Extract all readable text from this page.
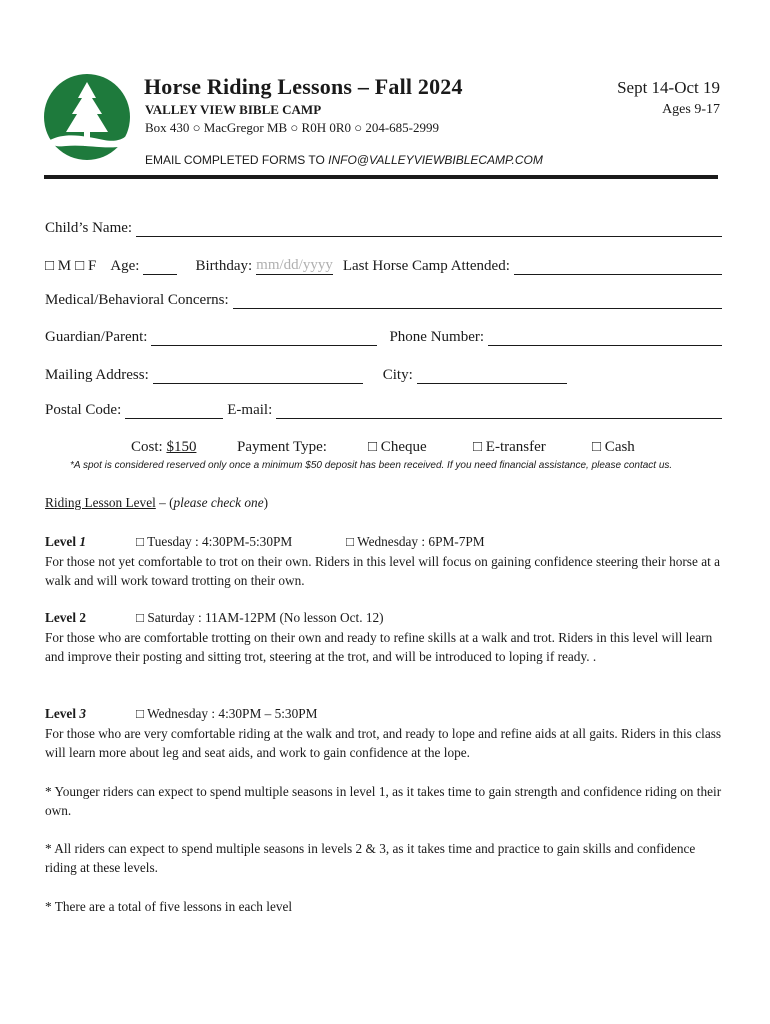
Horse Riding Lessons – Fall 2024
VALLEY VIEW BIBLE CAMP
Box 430 ○ MacGregor MB ○ R0H 0R0 ○ 204-685-2999
Sept 14-Oct 19
Ages 9-17
EMAIL COMPLETED FORMS TO INFO@VALLEYVIEWBIBLECAMP.COM
Child’s Name:
□ M □ F Age:	Birthday: mm/dd/yyyy Last Horse Camp Attended:
Medical/Behavioral Concerns:
Guardian/Parent:	Phone Number:
Mailing Address:	City:
Postal Code:	E-mail:
Cost: $150	Payment Type:	□ Cheque	□ E-transfer	□ Cash
*A spot is considered reserved only once a minimum $50 deposit has been received. If you need financial assistance, please contact us.
Riding Lesson Level – (please check one)
Level 1	□ Tuesday : 4:30PM-5:30PM	□ Wednesday : 6PM-7PM
For those not yet comfortable to trot on their own. Riders in this level will focus on gaining confidence steering their horse at a walk and will work toward trotting on their own.
Level 2	□ Saturday : 11AM-12PM (No lesson Oct. 12)
For those who are comfortable trotting on their own and ready to refine skills at a walk and trot. Riders in this level will learn and improve their posting and sitting trot, steering at the trot, and will be introduced to loping if ready. .
Level 3	□ Wednesday : 4:30PM – 5:30PM
For those who are very comfortable riding at the walk and trot, and ready to lope and refine aids at all gaits. Riders in this class will learn more about leg and seat aids, and work to gain confidence at the lope.
* Younger riders can expect to spend multiple seasons in level 1, as it takes time to gain strength and confidence riding on their own.
* All riders can expect to spend multiple seasons in levels 2 & 3, as it takes time and practice to gain skills and confidence riding at these levels.
* There are a total of five lessons in each level
